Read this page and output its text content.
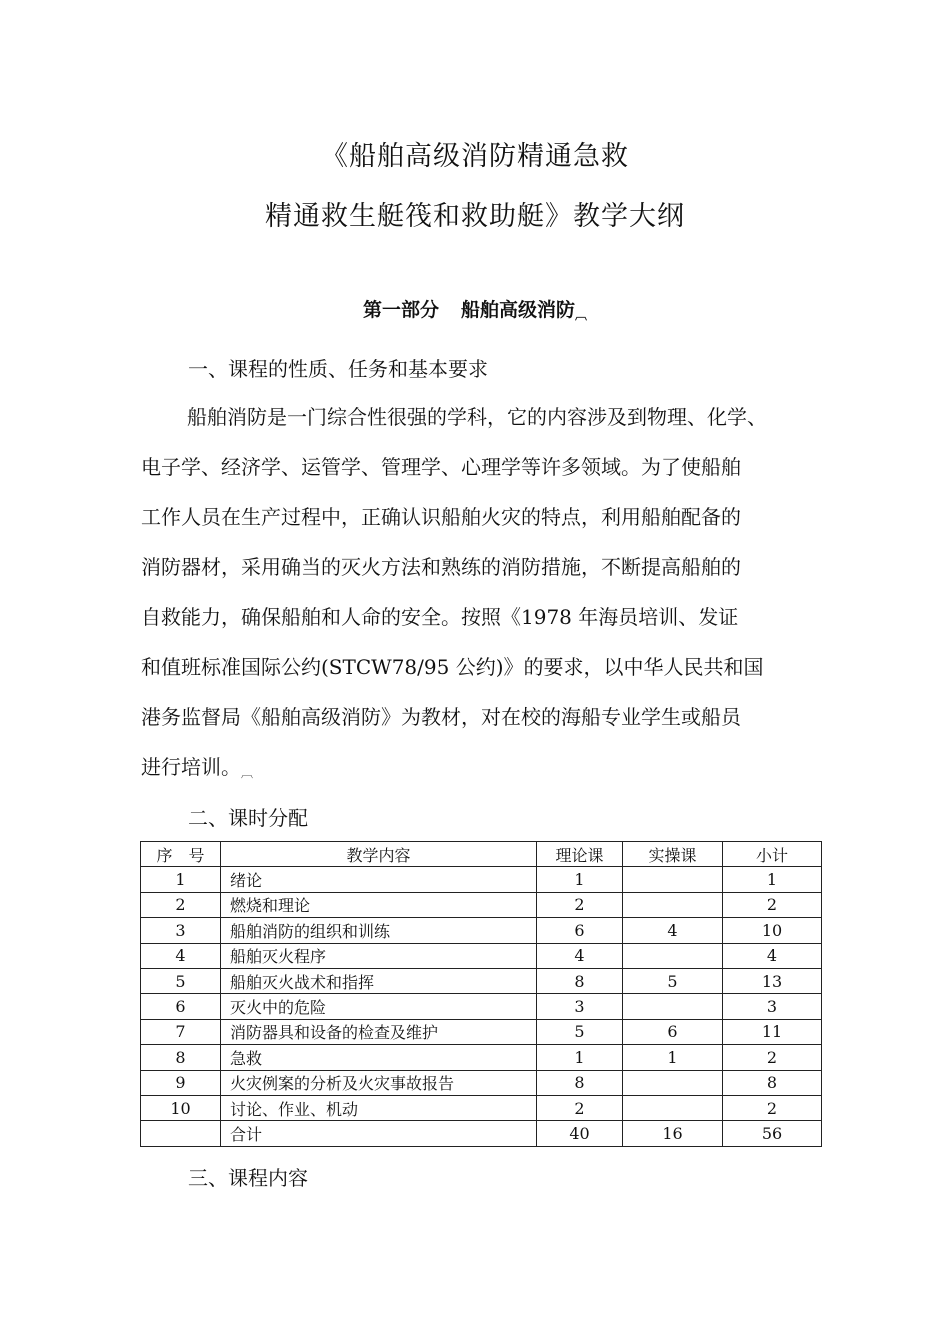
《船舶高级消防精通急救
精通救生艇筏和救助艇》教学大纲
第一部分 船舶高级消防︹
一、课程的性质、任务和基本要求
船舶消防是一门综合性很强的学科，它的内容涉及到物理、化学、
电子学、经济学、运管学、管理学、心理学等许多领域。为了使船舶
工作人员在生产过程中，正确认识船舶火灾的特点，利用船舶配备的
消防器材，采用确当的灭火方法和熟练的消防措施，不断提高船舶的
自救能力，确保船舶和人命的安全。按照《1978 年海员培训、发证
和值班标准国际公约(STCW78/95 公约)》的要求，以中华人民共和国
港务监督局《船舶高级消防》为教材，对在校的海船专业学生或船员
进行培训。︹
二、课时分配
序　号	教学内容	理论课	实操课	小计
1	绪论	1		1
2	燃烧和理论	2		2
3	船舶消防的组织和训练	6	4	10
4	船舶灭火程序	4		4
5	船舶灭火战术和指挥	8	5	13
6	灭火中的危险	3		3
7	消防器具和设备的检查及维护	5	6	11
8	急救	1	1	2
9	火灾例案的分析及火灾事故报告	8		8
10	讨论、作业、机动	2		2
	合计	40	16	56
三、课程内容
